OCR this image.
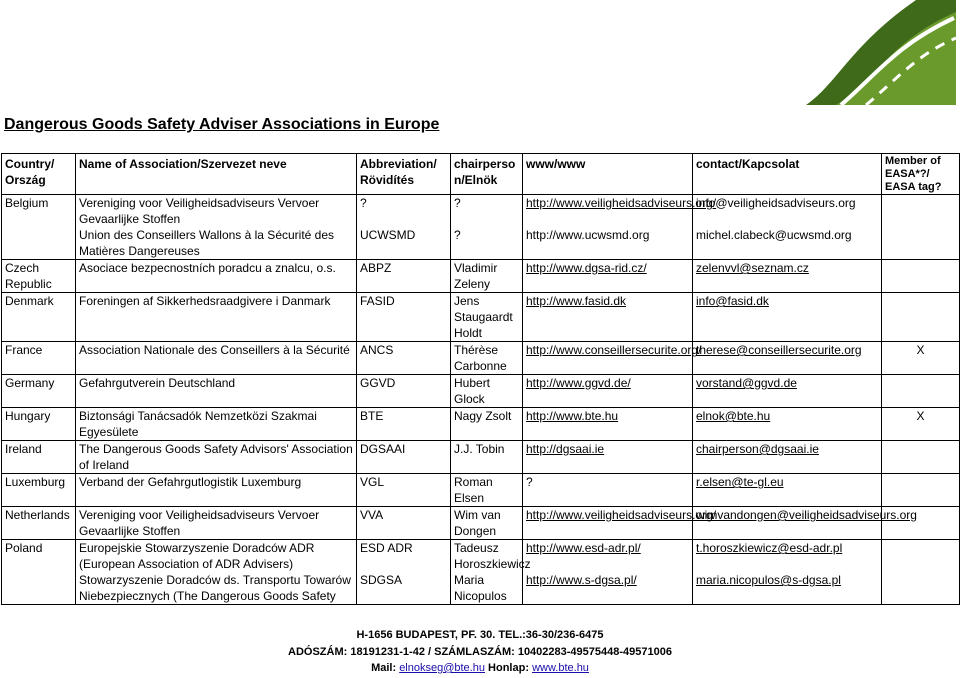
Dangerous Goods Safety Adviser Associations in Europe
Country/ Ország	Name of Association/Szervezet neve	Abbreviation/ Rövidítés	chairperso n/Elnök	www/www	contact/Kapcsolat	Member of EASA*?/ EASA tag?
Belgium	Vereniging voor Veiligheidsadviseurs Vervoer Gevaarlijke Stoffen	?	?	http://www.veiligheidsadviseurs.org/	info@veiligheidsadviseurs.org	
	Union des Conseillers Wallons à la Sécurité des Matières Dangereuses	UCWSMD	?	http://www.ucwsmd.org	michel.clabeck@ucwsmd.org	
Czech Republic	Asociace bezpecnostních poradcu a znalcu, o.s.	ABPZ	Vladimir Zeleny	http://www.dgsa-rid.cz/	zelenvvl@seznam.cz	
Denmark	Foreningen af Sikkerhedsraadgivere i Danmark	FASID	Jens Staugaardt Holdt	http://www.fasid.dk	info@fasid.dk	
France	Association Nationale des Conseillers à la Sécurité	ANCS	Thérèse Carbonne	http://www.conseillersecurite.org/	therese@conseillersecurite.org	X
Germany	Gefahrgutverein Deutschland	GGVD	Hubert Glock	http://www.ggvd.de/	vorstand@ggvd.de	
Hungary	Biztonsági Tanácsadók Nemzetközi Szakmai Egyesülete	BTE	Nagy Zsolt	http://www.bte.hu	elnok@bte.hu	X
Ireland	The Dangerous Goods Safety Advisors' Association of Ireland	DGSAAI	J.J. Tobin	http://dgsaai.ie	chairperson@dgsaai.ie	
Luxemburg	Verband der Gefahrgutlogistik Luxemburg	VGL	Roman Elsen	?	r.elsen@te-gl.eu	
Netherlands	Vereniging voor Veiligheidsadviseurs Vervoer Gevaarlijke Stoffen	VVA	Wim van Dongen	http://www.veiligheidsadviseurs.org/	wimvandongen@veiligheidsadviseurs.org	
Poland	Europejskie Stowarzyszenie Doradców ADR (European Association of ADR Advisers)	ESD ADR	Tadeusz Horoszkiewicz	http://www.esd-adr.pl/	t.horoszkiewicz@esd-adr.pl	
	Stowarzyszenie Doradców ds. Transportu Towarów Niebezpiecznych (The Dangerous Goods Safety	SDGSA	Maria Nicopulos	http://www.s-dgsa.pl/	maria.nicopulos@s-dgsa.pl	
H-1656 BUDAPEST, PF. 30. TEL.:36-30/236-6475
ADÓSZÁM: 18191231-1-42 / SZÁMLASZÁM: 10402283-49575448-49571006
Mail: elnokseg@bte.hu Honlap: www.bte.hu
